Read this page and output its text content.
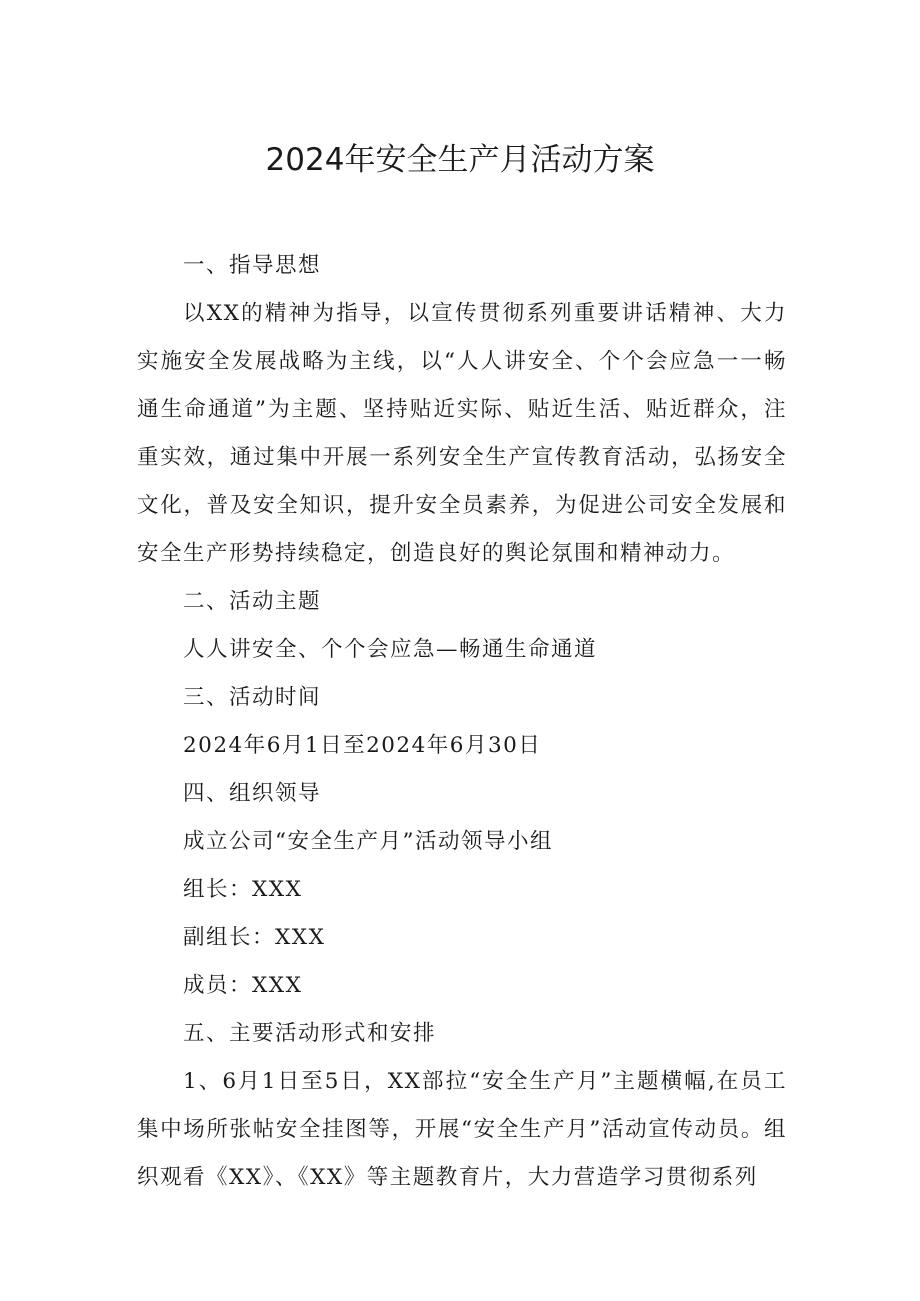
2024年安全生产月活动方案

一、指导思想

以XX的精神为指导，以宣传贯彻系列重要讲话精神、大力实施安全发展战略为主线，以“人人讲安全、个个会应急一一畅通生命通道”为主题、坚持贴近实际、贴近生活、贴近群众，注重实效，通过集中开展一系列安全生产宣传教育活动，弘扬安全文化，普及安全知识，提升安全员素养，为促进公司安全发展和安全生产形势持续稳定，创造良好的舆论氛围和精神动力。

二、活动主题

人人讲安全、个个会应急—畅通生命通道

三、活动时间

2024年6月1日至2024年6月30日

四、组织领导

成立公司“安全生产月”活动领导小组

组长：XXX

副组长：XXX

成员：XXX

五、主要活动形式和安排

1、6月1日至5日，XX部拉“安全生产月”主题横幅,在员工集中场所张帖安全挂图等，开展“安全生产月”活动宣传动员。组织观看《XX》、《XX》等主题教育片，大力营造学习贯彻系列
